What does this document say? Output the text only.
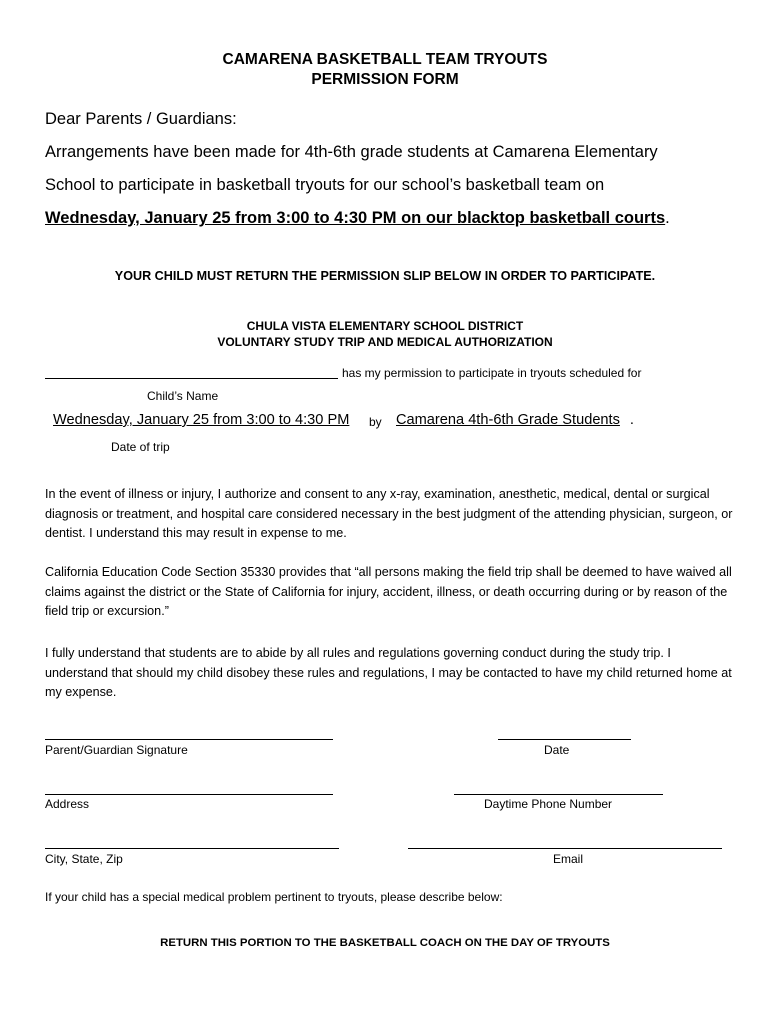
CAMARENA BASKETBALL TEAM TRYOUTS
PERMISSION FORM
Dear Parents / Guardians:
Arrangements have been made for 4th-6th grade students at Camarena Elementary
School to participate in basketball tryouts for our school’s basketball team on
Wednesday, January 25 from 3:00 to 4:30 PM on our blacktop basketball courts.
YOUR CHILD MUST RETURN THE PERMISSION SLIP BELOW IN ORDER TO PARTICIPATE.
CHULA VISTA ELEMENTARY SCHOOL DISTRICT
VOLUNTARY STUDY TRIP AND MEDICAL AUTHORIZATION
has my permission to participate in tryouts scheduled for
Child’s Name
Wednesday, January 25 from 3:00 to 4:30 PM by Camarena 4th-6th Grade Students .
Date of trip
In the event of illness or injury, I authorize and consent to any x-ray, examination, anesthetic, medical, dental or surgical diagnosis or treatment, and hospital care considered necessary in the best judgment of the attending physician, surgeon, or dentist. I understand this may result in expense to me.
California Education Code Section 35330 provides that “all persons making the field trip shall be deemed to have waived all claims against the district or the State of California for injury, accident, illness, or death occurring during or by reason of the field trip or excursion.”
I fully understand that students are to abide by all rules and regulations governing conduct during the study trip. I understand that should my child disobey these rules and regulations, I may be contacted to have my child returned home at my expense.
Parent/Guardian Signature	Date
Address	Daytime Phone Number
City, State, Zip	Email
If your child has a special medical problem pertinent to tryouts, please describe below:
RETURN THIS PORTION TO THE BASKETBALL COACH ON THE DAY OF TRYOUTS
